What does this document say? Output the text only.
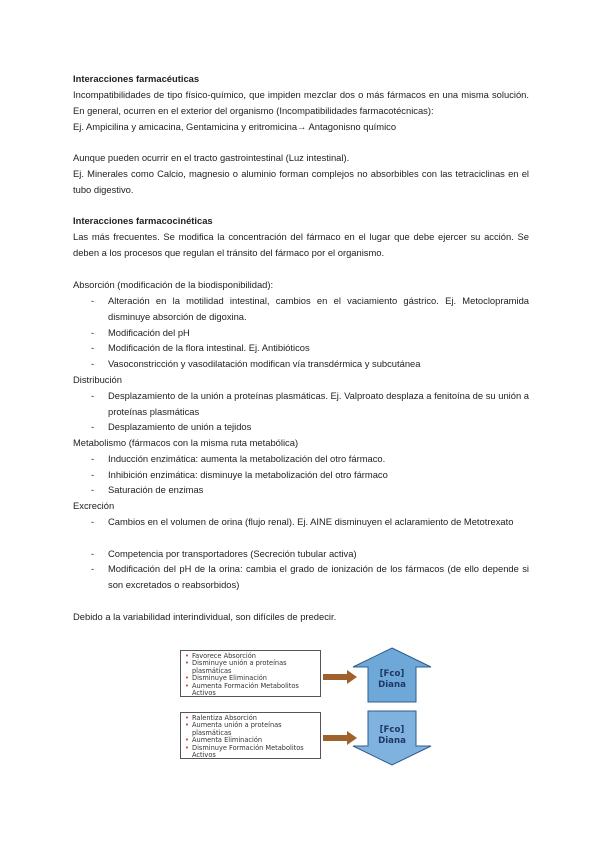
Interacciones farmacéuticas
Incompatibilidades de tipo físico-químico, que impiden mezclar dos o más fármacos en una misma solución. En general, ocurren en el exterior del organismo (Incompatibilidades farmacotécnicas):
Ej. Ampicilina y amicacina, Gentamicina y eritromicina→ Antagonisno químico
Aunque pueden ocurrir en el tracto gastrointestinal (Luz intestinal).
Ej. Minerales como Calcio, magnesio o aluminio forman complejos no absorbibles con las tetraciclinas en el tubo digestivo.
Interacciones farmacocinéticas
Las más frecuentes. Se modifica la concentración del fármaco en el lugar que debe ejercer su acción. Se deben a los procesos que regulan el tránsito del fármaco por el organismo.
Absorción (modificación de la biodisponibilidad):
-	Alteración en la motilidad intestinal, cambios en el vaciamiento gástrico. Ej. Metoclopramida disminuye absorción de digoxina.
-	Modificación del pH
-	Modificación de la flora intestinal. Ej. Antibióticos
-	Vasoconstricción y vasodilatación modifican vía transdérmica y subcutánea
Distribución
-	Desplazamiento de la unión a proteínas plasmáticas. Ej. Valproato desplaza a fenitoína de su unión a proteínas plasmáticas
-	Desplazamiento de unión a tejidos
Metabolismo (fármacos con la misma ruta metabólica)
-	Inducción enzimática: aumenta la metabolización del otro fármaco.
-	Inhibición enzimática: disminuye la metabolización del otro fármaco
-	Saturación de enzimas
Excreción
-	Cambios en el volumen de orina (flujo renal). Ej. AINE disminuyen el aclaramiento de Metotrexato
-	Competencia por transportadores (Secreción tubular activa)
-	Modificación del pH de la orina: cambia el grado de ionización de los fármacos (de ello depende si son excretados o reabsorbidos)
Debido a la variabilidad interindividual, son difíciles de predecir.
• Favorece Absorción
• Disminuye unión a proteínas plasmáticas
• Disminuye Eliminación
• Aumenta Formación Metabolitos Activos
[Fco]
Diana
• Ralentiza Absorción
• Aumenta unión a proteínas plasmáticas
• Aumenta Eliminación
• Disminuye Formación Metabolitos Activos
[Fco]
Diana
